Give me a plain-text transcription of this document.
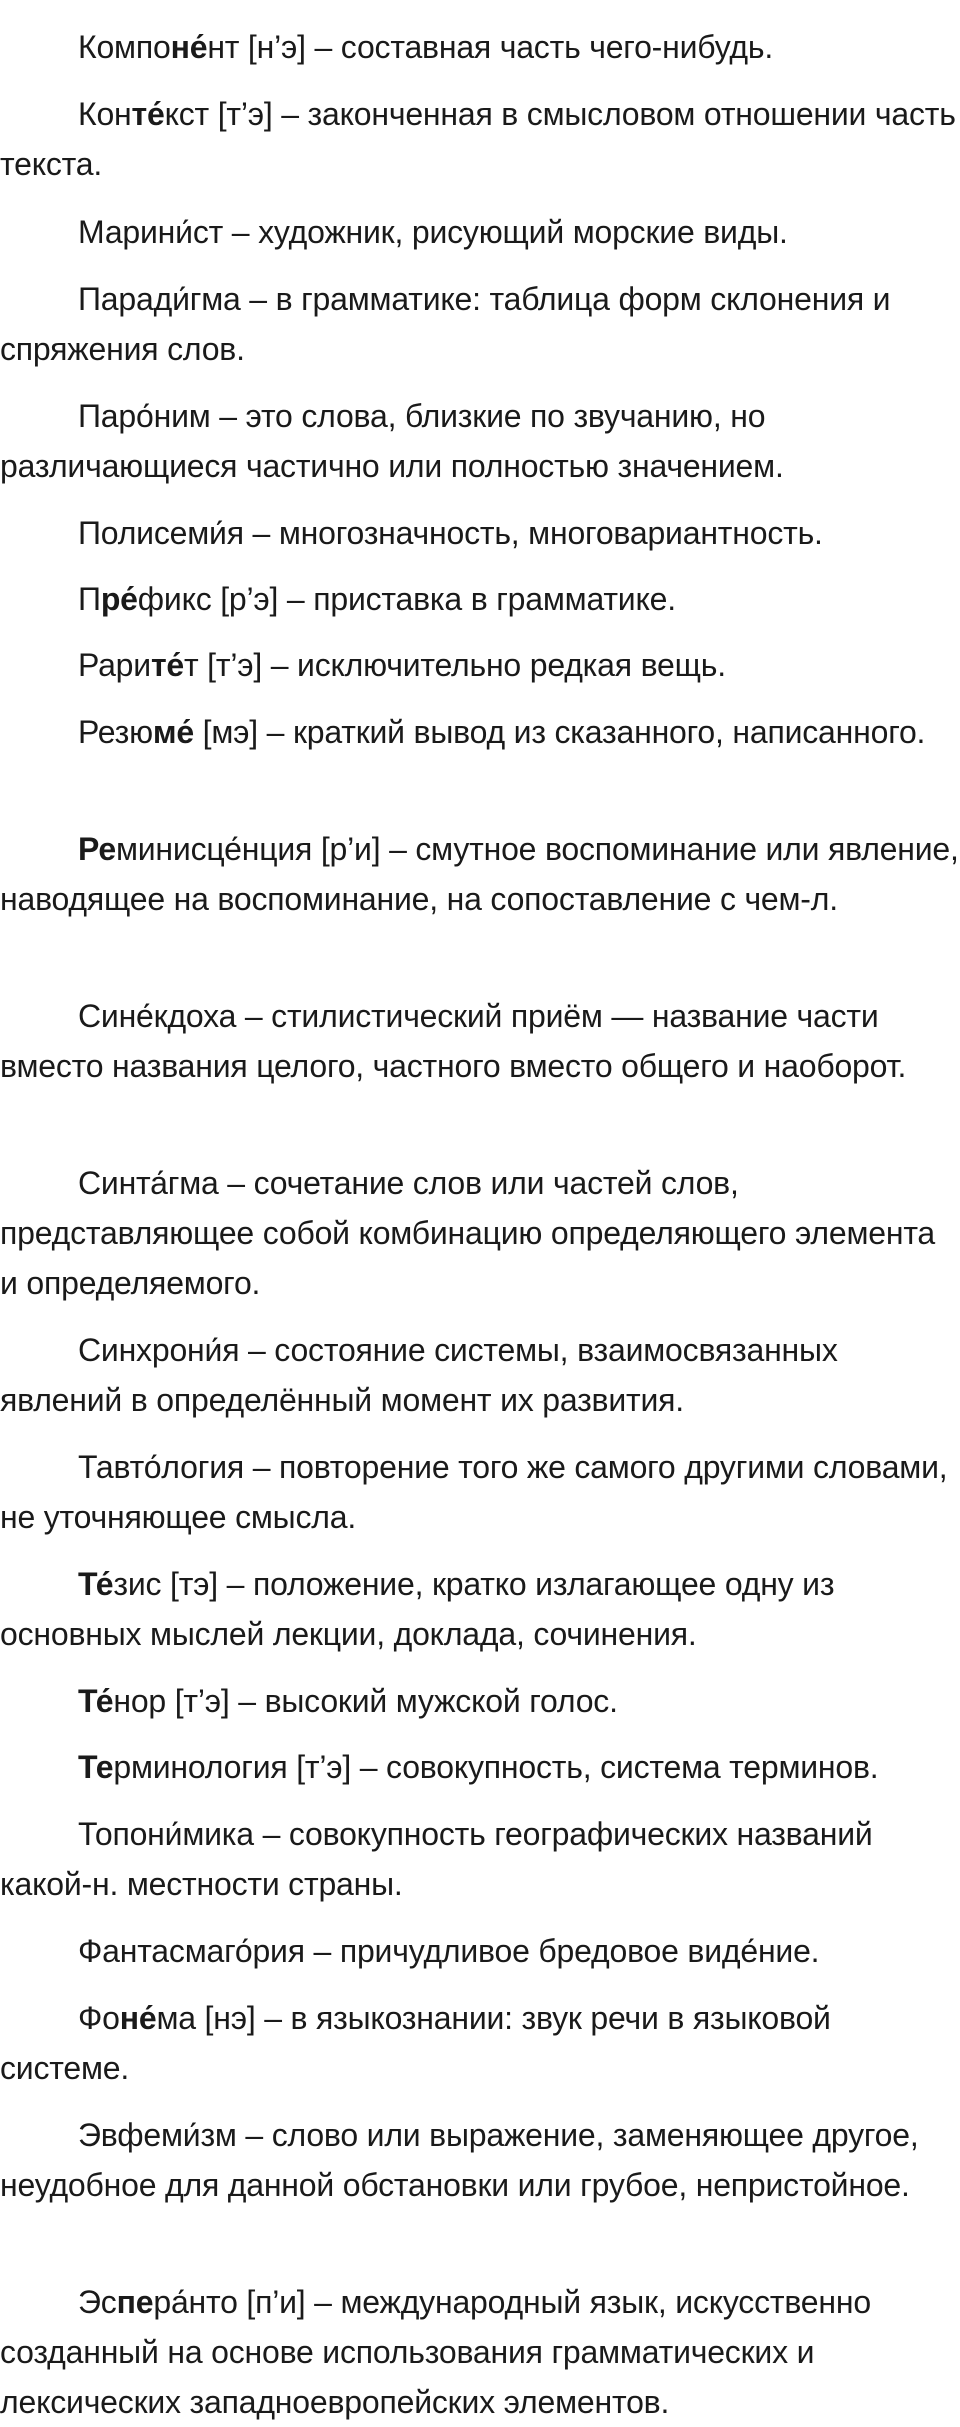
Компоне́нт [н’э] – составная часть чего-нибудь.
Конте́кст [т’э] – законченная в смысловом отношении часть текста.
Марини́ст – художник, рисующий морские виды.
Паради́гма – в грамматике: таблица форм склонения и спряжения слов.
Паро́ним – это слова, близкие по звучанию, но различающиеся частично или полностью значением.
Полисеми́я – многозначность, многовариантность.
Пре́фикс [р’э] – приставка в грамматике.
Рарите́т [т’э] – исключительно редкая вещь.
Резюме́ [мэ] – краткий вывод из сказанного, написанного.
Реминисце́нция [р’и] – смутное воспоминание или явление, наводящее на воспоминание, на сопоставление с чем-л.
Сине́кдоха – стилистический приём — название части вместо названия целого, частного вместо общего и наоборот.
Синта́гма – сочетание слов или частей слов, представляющее собой комбинацию определяющего элемента и определяемого.
Синхрони́я – состояние системы, взаимосвязанных явлений в определённый момент их развития.
Тавто́логия – повторение того же самого другими словами, не уточняющее смысла.
Те́зис [тэ] – положение, кратко излагающее одну из основных мыслей лекции, доклада, сочинения.
Те́нор [т’э] – высокий мужской голос.
Терминология [т’э] – совокупность, система терминов.
Топони́мика – совокупность географических названий какой-н. местности страны.
Фантасмаго́рия – причудливое бредовое виде́ние.
Фоне́ма [нэ] – в языкознании: звук речи в языковой системе.
Эвфеми́зм – слово или выражение, заменяющее другое, неудобное для данной обстановки или грубое, непристойное.
Эспера́нто [п’и] – международный язык, искусственно созданный на основе использования грамматических и лексических западноевропейских элементов.
